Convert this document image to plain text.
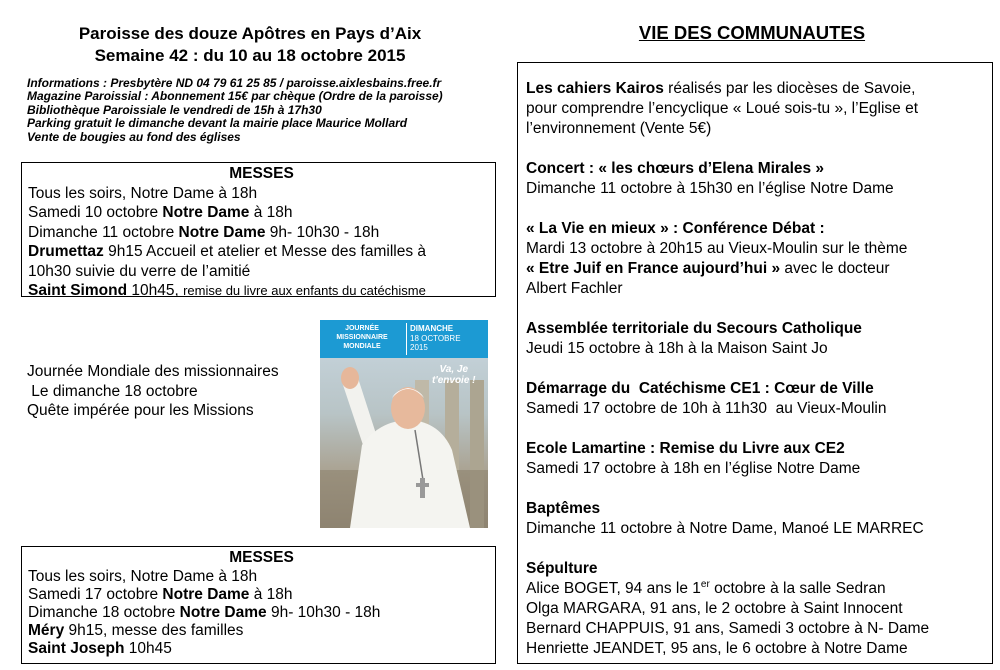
Paroisse des douze Apôtres en Pays d’Aix
Semaine 42 : du 10 au 18 octobre 2015
Informations : Presbytère ND 04 79 61 25 85 / paroisse.aixlesbains.free.fr
Magazine Paroissial : Abonnement 15€ par chèque (Ordre de la paroisse)
Bibliothèque Paroissiale le vendredi de 15h à 17h30
Parking gratuit le dimanche devant la mairie place Maurice Mollard
Vente de bougies au fond des églises
MESSES
Tous les soirs, Notre Dame à 18h
Samedi 10 octobre Notre Dame à 18h
Dimanche 11 octobre Notre Dame 9h- 10h30 - 18h
Drumettaz 9h15 Accueil et atelier et Messe des familles à
10h30 suivie du verre de l’amitié
Saint Simond 10h45, remise du livre aux enfants du catéchisme
Journée Mondiale des missionnaires
Le dimanche 18 octobre
Quête impérée pour les Missions
JOURNÉE
MISSIONNAIRE
MONDIALE
DIMANCHE
18 OCTOBRE
2015
Va, Je
t'envoie !
MESSES
Tous les soirs, Notre Dame à 18h
Samedi 17 octobre Notre Dame à 18h
Dimanche 18 octobre Notre Dame 9h- 10h30 - 18h
Méry 9h15, messe des familles
Saint Joseph 10h45
VIE DES COMMUNAUTES
Les cahiers Kairos réalisés par les diocèses de Savoie,
pour comprendre l’encyclique « Loué sois-tu », l’Eglise et
l’environnement (Vente 5€)
Concert : « les chœurs d’Elena Mirales »
Dimanche 11 octobre à 15h30 en l’église Notre Dame
« La Vie en mieux » : Conférence Débat :
Mardi 13 octobre à 20h15 au Vieux-Moulin sur le thème
« Etre Juif en France aujourd’hui » avec le docteur
Albert Fachler
Assemblée territoriale du Secours Catholique
Jeudi 15 octobre à 18h à la Maison Saint Jo
Démarrage du  Catéchisme CE1 : Cœur de Ville
Samedi 17 octobre de 10h à 11h30  au Vieux-Moulin
Ecole Lamartine : Remise du Livre aux CE2
Samedi 17 octobre à 18h en l’église Notre Dame
Baptêmes
Dimanche 11 octobre à Notre Dame, Manoé LE MARREC
Sépulture
Alice BOGET, 94 ans le 1er octobre à la salle Sedran
Olga MARGARA, 91 ans, le 2 octobre à Saint Innocent
Bernard CHAPPUIS, 91 ans, Samedi 3 octobre à N- Dame
Henriette JEANDET, 95 ans, le 6 octobre à Notre Dame
